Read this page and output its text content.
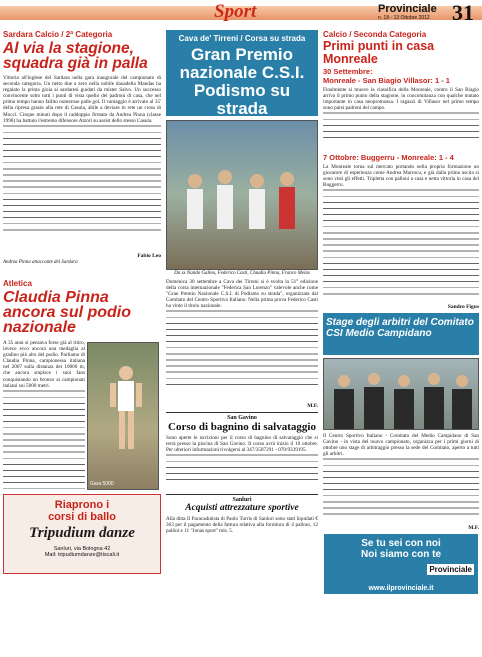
Sport	Provinciale
n. 18 - 13 Ottobre 2012 31
Sardara Calcio / 2ª Categoria
Al via la stagione, squadra già in palla
Vittoria all'inglese del Sardara nella gara inaugurale del campionato di seconda categoria. Un netto due a zero nella nobile dauadella Mandas ha regalato la prima gioia ai sardaresi guidati da mister Salvo. Un successo convincente sotto tutti i punti di vista quello dei padroni di casa, che nel primo tempo hanno fallito numerose palle gol. Il vantaggio è arrivato al 35' della ripresa grazie alla rete di Casula, abile a deviare in rete un cross di Mocci. Cinque minuti dopo il raddoppio firmato da Andrea Pinna (classe 1996) ha battuto l'estremo difensore Atzori su assist dello stesso Casula.
Fabio Leo
Andrea Pinna attaccante del Sardara
Atletica
Claudia Pinna ancora sul podio nazionale
A 35 anni si pensava forse già al ritiro, invece ecco ancora una medaglia al gradino più alto del podio. Parliamo di Claudia Pinna, campionessa italiana nel 2007 sulla distanza dei 10000 m, che ancora stupisce i suoi fans conquistando un bronzo ai campionati italiani sui 5000 metri.
Gara 5000
Riaprono i
corsi di ballo
Tripudium danze
Sanluri, via Bologna 42
Mail: tripudiumdanze@tiscali.it
Cava de' Tirreni / Corsa su strada
Gran Premio nazionale C.S.I. Podismo su strada
Da sx Nando Galleu, Federico Casti, Claudia Pinna, Franco Melas
Domenica 30 settembre a Cava dei Tirreni si è svolta la 51° edizione della corsa internazionale "Federica San Lorenzo" valevole anche come "Gran Premio Nazionale C.S.I. di Podismo su strada", organizzata dal Comitato del Centro Sportivo Italiano. Nella prima prova Federico Casti ha vinto il titolo nazionale.
M.F.
San Gavino
Corso di bagnino di salvataggio
Sono aperte le iscrizioni per il corso di bagnino di salvataggio che si terrà presso la piscina di San Gavino. Il corso avrà inizio il 10 ottobre. Per ulteriori informazioni rivolgersi al 347/3587291 - 070/9339195.
Sanluri
Acquisti attrezzature sportive
Alla ditta Il Paracadutista di Paolo Turris di Sanluri sono stati liquidati € 363 per il pagamento della fattura relativa alla fornitura di 4 palloni, 12 pallini e 11 "Jonas sport" mis. 5.
Calcio / Seconda Categoria
Primi punti in casa Monreale
30 Settembre:
Monreale - San Biagio Villasor: 1 - 1
Finalmente si muove la classifica della Monreale, contro il San Biagio arriva il primo punto della stagione, in concomitanza con qualche mutato importante in casa neopromossa. I ragazzi di Villasor nel primo tempo sono parsi padroni del campo.
7 Ottobre: Buggerru - Monreale: 1 - 4
La Monreale torna sul mercato portando nella propria formazione un giocatore di esperienza come Andrea Marrocu, e già dalla prima uscita si sono visti gli effetti. Tripletta con palloni a casa e netta vittoria in casa del Buggerru.
Sandro Figus
Stage degli arbitri del Comitato CSI Medio Campidano
Il Centro Sportivo Italiano - Comitato del Medio Campidano di San Gavino - in vista del nuovo campionato, organizza per i primi giorni di ottobre uno stage di arbitraggio presso la sede del Comitato, aperto a tutti gli arbitri.
M.F.
Se tu sei con noi
Noi siamo con te
Provinciale
www.ilprovinciale.it
